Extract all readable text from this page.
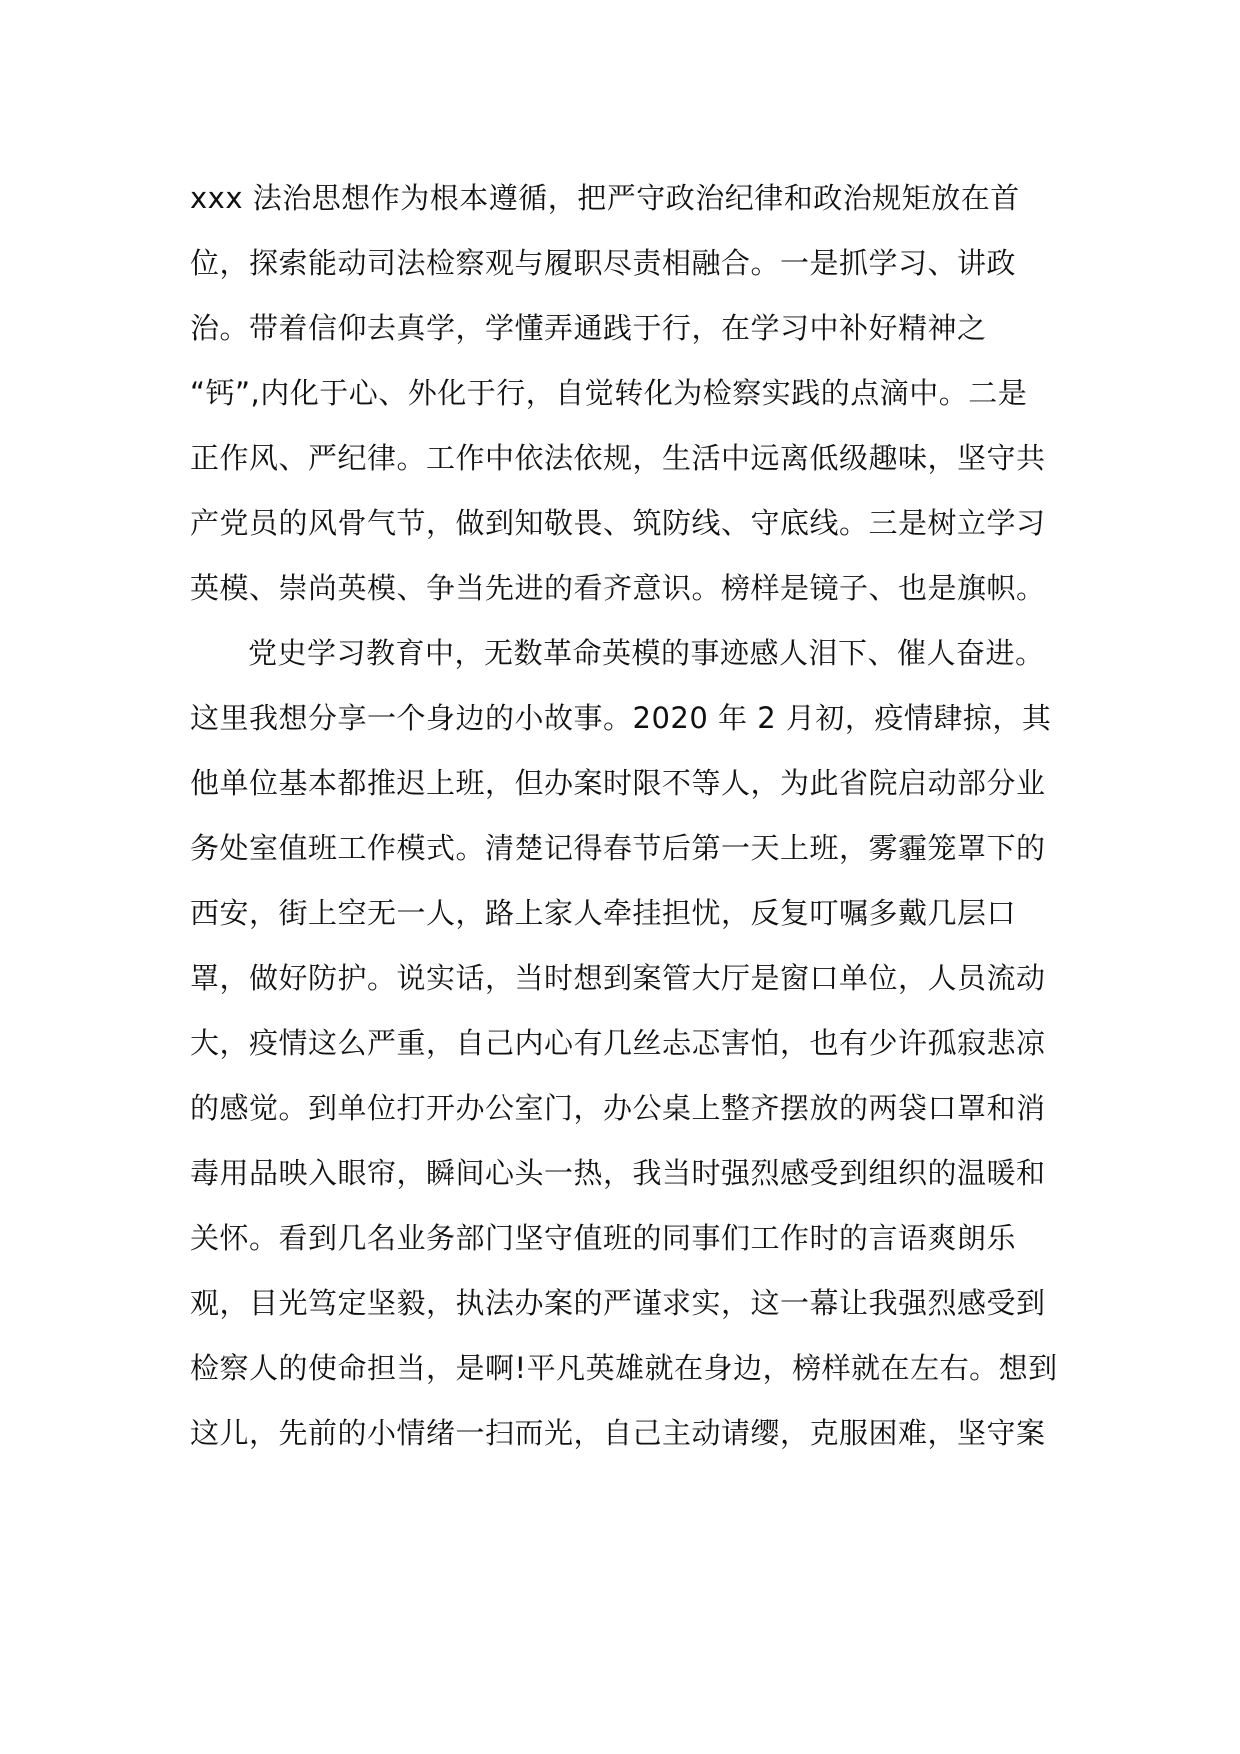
xxx 法治思想作为根本遵循，把严守政治纪律和政治规矩放在首
位，探索能动司法检察观与履职尽责相融合。一是抓学习、讲政
治。带着信仰去真学，学懂弄通践于行，在学习中补好精神之
“钙”,内化于心、外化于行，自觉转化为检察实践的点滴中。二是
正作风、严纪律。工作中依法依规，生活中远离低级趣味，坚守共
产党员的风骨气节，做到知敬畏、筑防线、守底线。三是树立学习
英模、崇尚英模、争当先进的看齐意识。榜样是镜子、也是旗帜。
党史学习教育中，无数革命英模的事迹感人泪下、催人奋进。
这里我想分享一个身边的小故事。2020 年 2 月初，疫情肆掠，其
他单位基本都推迟上班，但办案时限不等人，为此省院启动部分业
务处室值班工作模式。清楚记得春节后第一天上班，雾霾笼罩下的
西安，街上空无一人，路上家人牵挂担忧，反复叮嘱多戴几层口
罩，做好防护。说实话，当时想到案管大厅是窗口单位，人员流动
大，疫情这么严重，自己内心有几丝忐忑害怕，也有少许孤寂悲凉
的感觉。到单位打开办公室门，办公桌上整齐摆放的两袋口罩和消
毒用品映入眼帘，瞬间心头一热，我当时强烈感受到组织的温暖和
关怀。看到几名业务部门坚守值班的同事们工作时的言语爽朗乐
观，目光笃定坚毅，执法办案的严谨求实，这一幕让我强烈感受到
检察人的使命担当，是啊!平凡英雄就在身边，榜样就在左右。想到
这儿，先前的小情绪一扫而光，自己主动请缨，克服困难，坚守案
